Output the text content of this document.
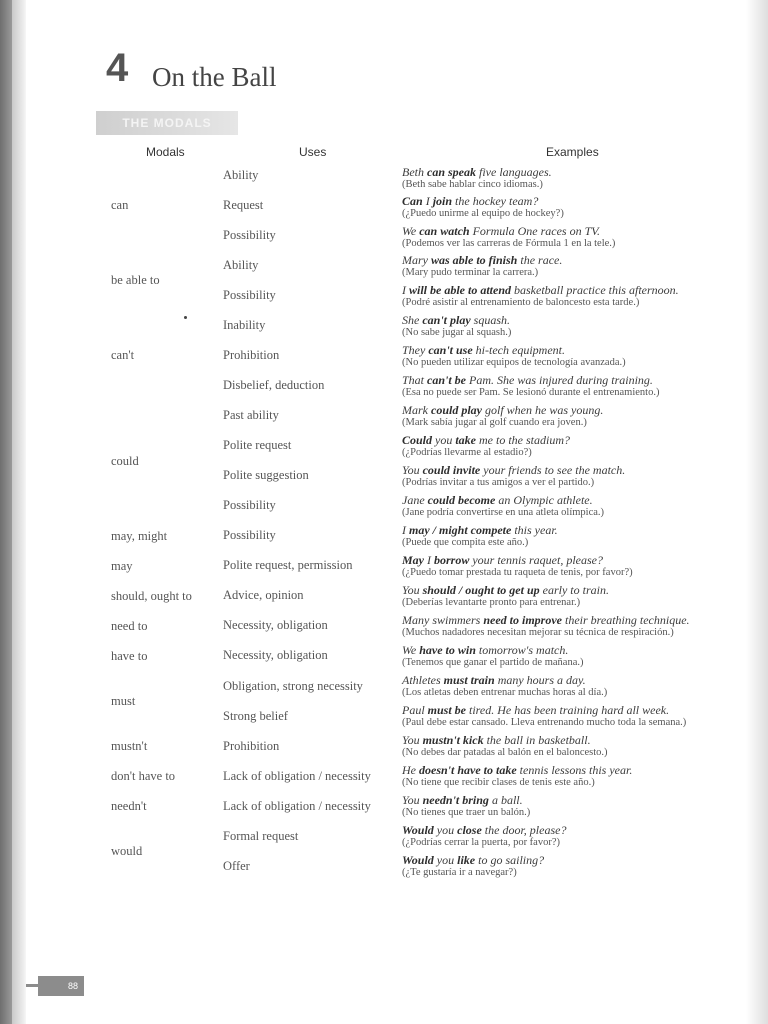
4 On the Ball
THE MODALS
Modals	Uses	Examples
can
be able to
can't
could
may, might
may
should, ought to
need to
have to
must
mustn't
don't have to
needn't
would
Ability
Request
Possibility
Ability
Possibility
Inability
Prohibition
Disbelief, deduction
Past ability
Polite request
Polite suggestion
Possibility
Possibility
Polite request, permission
Advice, opinion
Necessity, obligation
Necessity, obligation
Obligation, strong necessity
Strong belief
Prohibition
Lack of obligation / necessity
Lack of obligation / necessity
Formal request
Offer
Beth can speak five languages.
(Beth sabe hablar cinco idiomas.)
Can I join the hockey team?
(¿Puedo unirme al equipo de hockey?)
We can watch Formula One races on TV.
(Podemos ver las carreras de Fórmula 1 en la tele.)
Mary was able to finish the race.
(Mary pudo terminar la carrera.)
I will be able to attend basketball practice this afternoon.
(Podré asistir al entrenamiento de baloncesto esta tarde.)
She can't play squash.
(No sabe jugar al squash.)
They can't use hi-tech equipment.
(No pueden utilizar equipos de tecnología avanzada.)
That can't be Pam. She was injured during training.
(Esa no puede ser Pam. Se lesionó durante el entrenamiento.)
Mark could play golf when he was young.
(Mark sabía jugar al golf cuando era joven.)
Could you take me to the stadium?
(¿Podrías llevarme al estadio?)
You could invite your friends to see the match.
(Podrías invitar a tus amigos a ver el partido.)
Jane could become an Olympic athlete.
(Jane podría convertirse en una atleta olímpica.)
I may / might compete this year.
(Puede que compita este año.)
May I borrow your tennis raquet, please?
(¿Puedo tomar prestada tu raqueta de tenis, por favor?)
You should / ought to get up early to train.
(Deberías levantarte pronto para entrenar.)
Many swimmers need to improve their breathing technique.
(Muchos nadadores necesitan mejorar su técnica de respiración.)
We have to win tomorrow's match.
(Tenemos que ganar el partido de mañana.)
Athletes must train many hours a day.
(Los atletas deben entrenar muchas horas al día.)
Paul must be tired. He has been training hard all week.
(Paul debe estar cansado. Lleva entrenando mucho toda la semana.)
You mustn't kick the ball in basketball.
(No debes dar patadas al balón en el baloncesto.)
He doesn't have to take tennis lessons this year.
(No tiene que recibir clases de tenis este año.)
You needn't bring a ball.
(No tienes que traer un balón.)
Would you close the door, please?
(¿Podrías cerrar la puerta, por favor?)
Would you like to go sailing?
(¿Te gustaría ir a navegar?)
88
